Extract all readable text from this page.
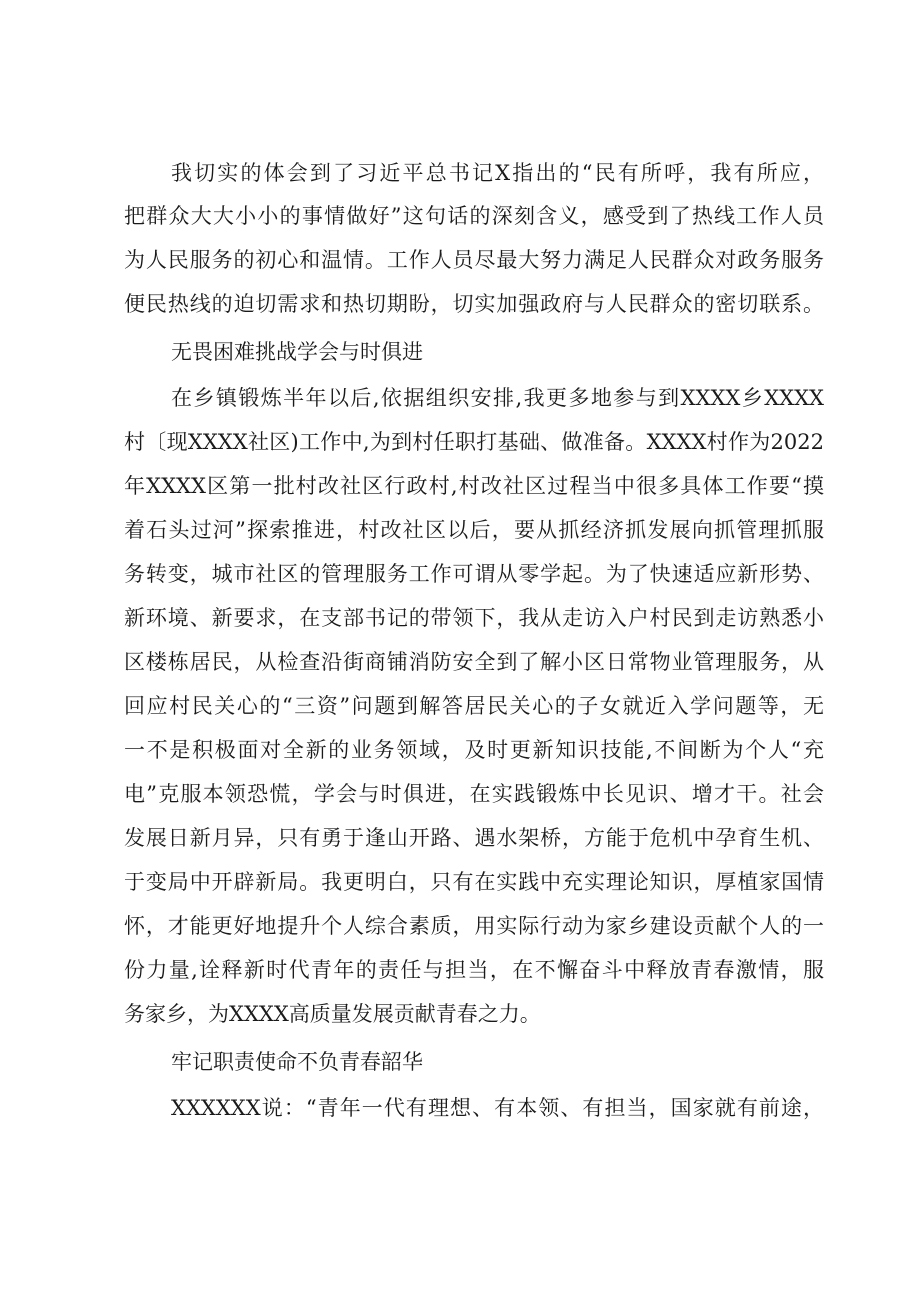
我切实的体会到了习近平总书记X指出的“民有所呼，我有所应，
把群众大大小小的事情做好”这句话的深刻含义，感受到了热线工作人员
为人民服务的初心和温情。工作人员尽最大努力满足人民群众对政务服务
便民热线的迫切需求和热切期盼，切实加强政府与人民群众的密切联系。
无畏困难挑战学会与时俱进
在乡镇锻炼半年以后,依据组织安排,我更多地参与到XXXX乡XXXX
村〔现XXXX社区)工作中,为到村任职打基础、做准备。XXXX村作为2022
年XXXX区第一批村改社区行政村,村改社区过程当中很多具体工作要“摸
着石头过河”探索推进，村改社区以后，要从抓经济抓发展向抓管理抓服
务转变，城市社区的管理服务工作可谓从零学起。为了快速适应新形势、
新环境、新要求，在支部书记的带领下，我从走访入户村民到走访熟悉小
区楼栋居民，从检查沿街商铺消防安全到了解小区日常物业管理服务，从
回应村民关心的“三资”问题到解答居民关心的子女就近入学问题等，无
一不是积极面对全新的业务领域，及时更新知识技能,不间断为个人“充
电”克服本领恐慌，学会与时俱进，在实践锻炼中长见识、增才干。社会
发展日新月异，只有勇于逢山开路、遇水架桥，方能于危机中孕育生机、
于变局中开辟新局。我更明白，只有在实践中充实理论知识，厚植家国情
怀，才能更好地提升个人综合素质，用实际行动为家乡建设贡献个人的一
份力量,诠释新时代青年的责任与担当，在不懈奋斗中释放青春激情，服
务家乡，为XXXX高质量发展贡献青春之力。
牢记职责使命不负青春韶华
XXXXXX说：“青年一代有理想、有本领、有担当，国家就有前途，
